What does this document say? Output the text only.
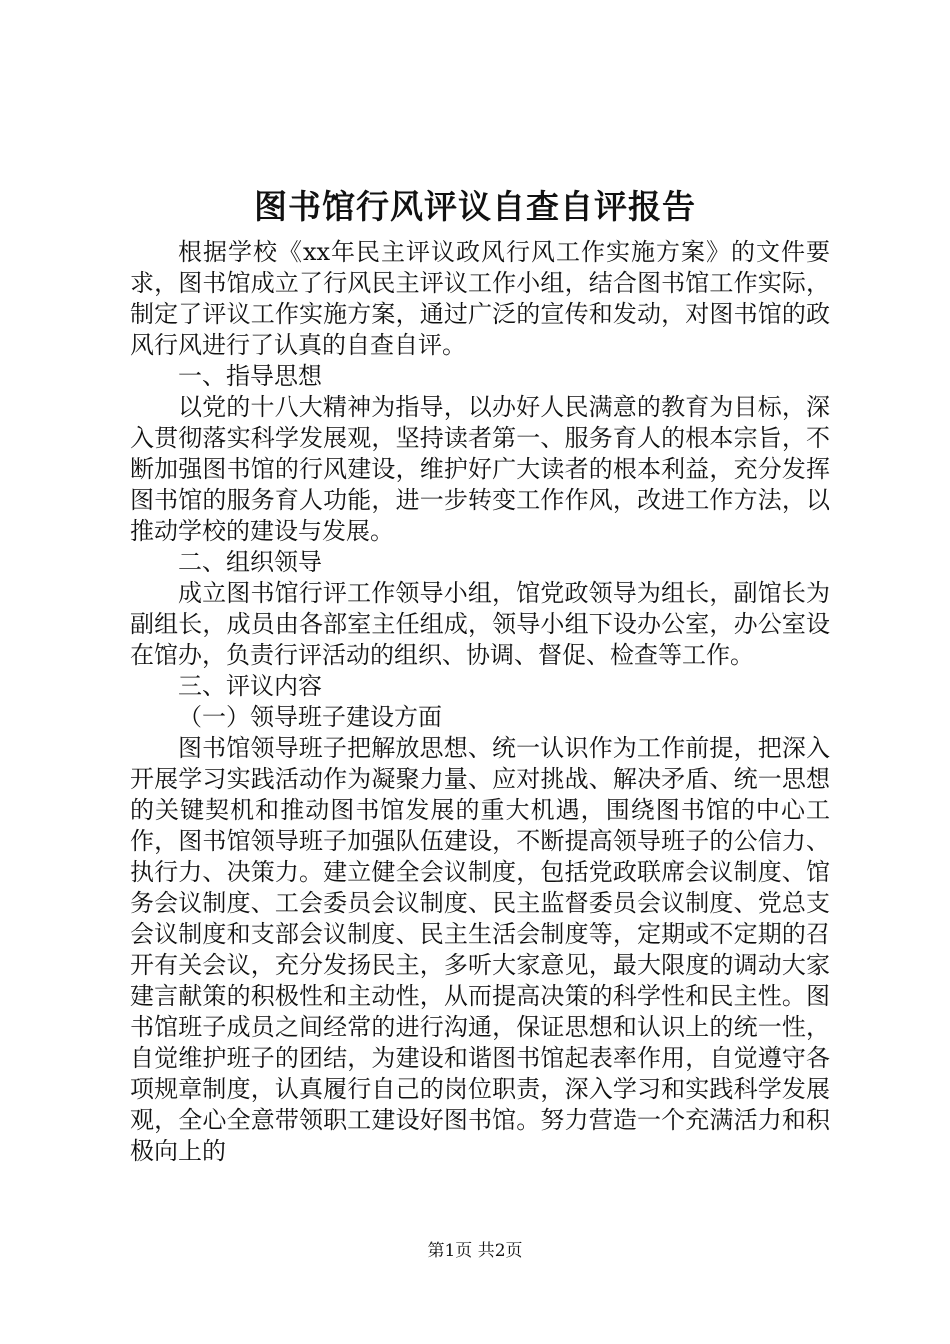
图书馆行风评议自查自评报告

根据学校《xx年民主评议政风行风工作实施方案》的文件要求，图书馆成立了行风民主评议工作小组，结合图书馆工作实际，制定了评议工作实施方案，通过广泛的宣传和发动，对图书馆的政风行风进行了认真的自查自评。

一、指导思想

以党的十八大精神为指导，以办好人民满意的教育为目标，深入贯彻落实科学发展观，坚持读者第一、服务育人的根本宗旨，不断加强图书馆的行风建设，维护好广大读者的根本利益，充分发挥图书馆的服务育人功能，进一步转变工作作风，改进工作方法，以推动学校的建设与发展。

二、组织领导

成立图书馆行评工作领导小组，馆党政领导为组长，副馆长为副组长，成员由各部室主任组成，领导小组下设办公室，办公室设在馆办，负责行评活动的组织、协调、督促、检查等工作。

三、评议内容

（一）领导班子建设方面

图书馆领导班子把解放思想、统一认识作为工作前提，把深入开展学习实践活动作为凝聚力量、应对挑战、解决矛盾、统一思想的关键契机和推动图书馆发展的重大机遇，围绕图书馆的中心工作，图书馆领导班子加强队伍建设，不断提高领导班子的公信力、执行力、决策力。建立健全会议制度，包括党政联席会议制度、馆务会议制度、工会委员会议制度、民主监督委员会议制度、党总支会议制度和支部会议制度、民主生活会制度等，定期或不定期的召开有关会议，充分发扬民主，多听大家意见，最大限度的调动大家建言献策的积极性和主动性，从而提高决策的科学性和民主性。图书馆班子成员之间经常的进行沟通，保证思想和认识上的统一性，自觉维护班子的团结，为建设和谐图书馆起表率作用，自觉遵守各项规章制度，认真履行自己的岗位职责，深入学习和实践科学发展观，全心全意带领职工建设好图书馆。努力营造一个充满活力和积极向上的

第1页 共2页
